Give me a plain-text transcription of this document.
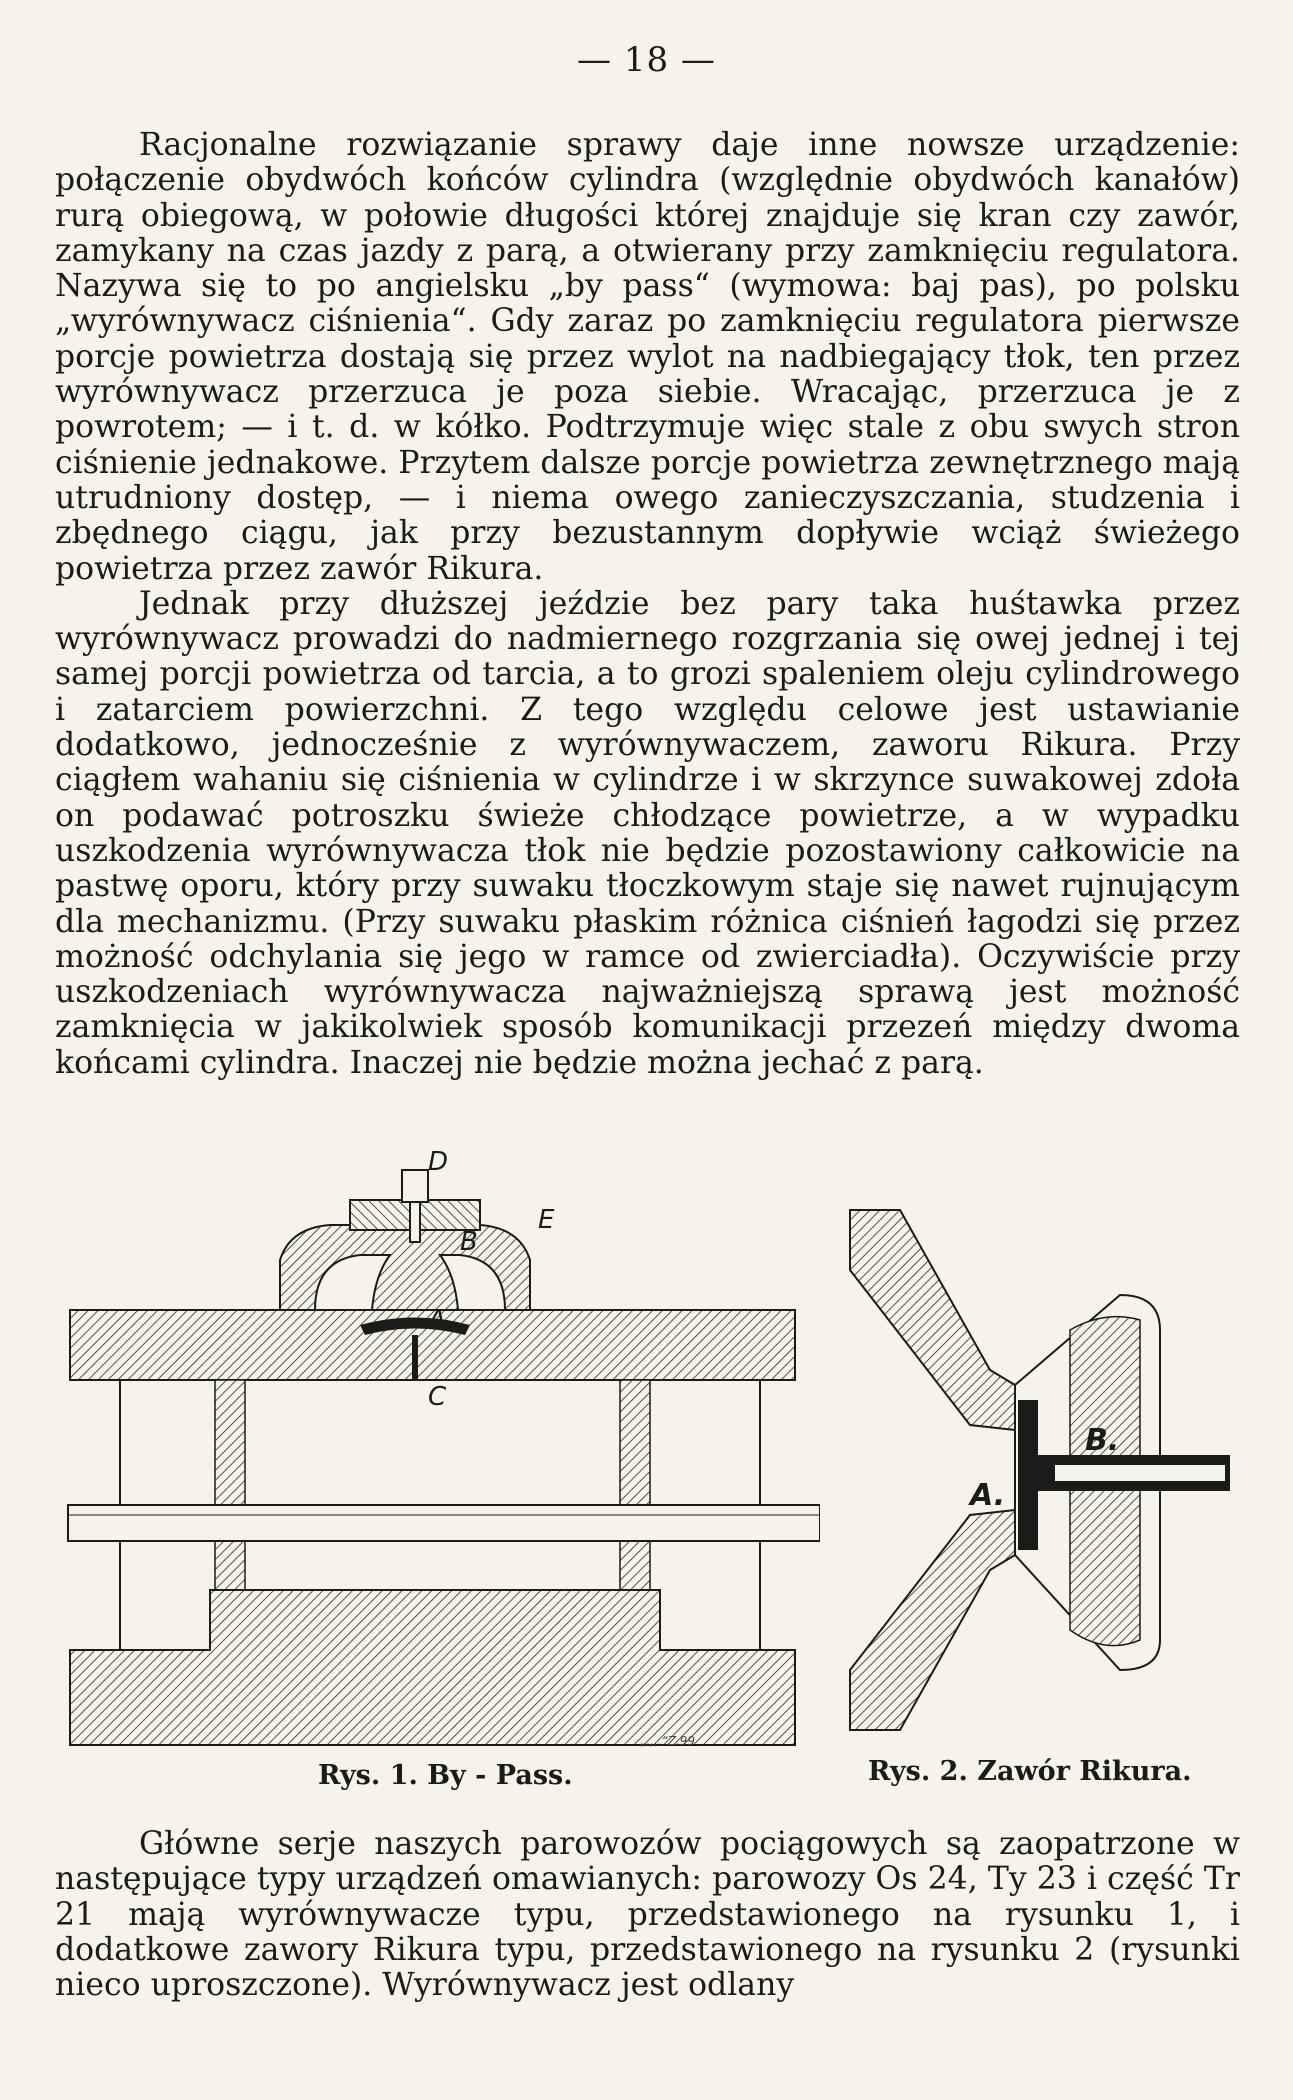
— 18 —

Racjonalne rozwiązanie sprawy daje inne nowsze urządzenie: połączenie obydwóch końców cylindra (względnie obydwóch kanałów) rurą obiegową, w połowie długości której znajduje się kran czy zawór, zamykany na czas jazdy z parą, a otwierany przy zamknięciu regulatora. Nazywa się to po angielsku „by pass“ (wymowa: baj pas), po polsku „wyrównywacz ciśnienia“. Gdy zaraz po zamknięciu regulatora pierwsze porcje powietrza dostają się przez wylot na nadbiegający tłok, ten przez wyrównywacz przerzuca je poza siebie. Wracając, przerzuca je z powrotem; — i t. d. w kółko. Podtrzymuje więc stale z obu swych stron ciśnienie jednakowe. Przytem dalsze porcje powietrza zewnętrznego mają utrudniony dostęp, — i niema owego zanieczyszczania, studzenia i zbędnego ciągu, jak przy bezustannym dopływie wciąż świeżego powietrza przez zawór Rikura.

Jednak przy dłuższej jeździe bez pary taka huśtawka przez wyrównywacz prowadzi do nadmiernego rozgrzania się owej jednej i tej samej porcji powietrza od tarcia, a to grozi spaleniem oleju cylindrowego i zatarciem powierzchni. Z tego względu celowe jest ustawianie dodatkowo, jednocześnie z wyrównywaczem, zaworu Rikura. Przy ciągłem wahaniu się ciśnienia w cylindrze i w skrzynce suwakowej zdoła on podawać potroszku świeże chłodzące powietrze, a w wypadku uszkodzenia wyrównywacza tłok nie będzie pozostawiony całkowicie na pastwę oporu, który przy suwaku tłoczkowym staje się nawet rujnującym dla mechanizmu. (Przy suwaku płaskim różnica ciśnień łagodzi się przez możność odchylania się jego w ramce od zwierciadła). Oczywiście przy uszkodzeniach wyrównywacza najważniejszą sprawą jest możność zamknięcia w jakikolwiek sposób komunikacji przezeń między dwoma końcami cylindra. Inaczej nie będzie można jechać z parą.

D
E
B
A
C
„.,..“Z.99
Rys. 1. By - Pass.
B.
A.
Rys. 2. Zawór Rikura.

Główne serje naszych parowozów pociągowych są zaopatrzone w następujące typy urządzeń omawianych: parowozy Os 24, Ty 23 i część Tr 21 mają wyrównywacze typu, przedstawionego na rysunku 1, i dodatkowe zawory Rikura typu, przedstawionego na rysunku 2 (rysunki nieco uproszczone). Wyrównywacz jest odlany
